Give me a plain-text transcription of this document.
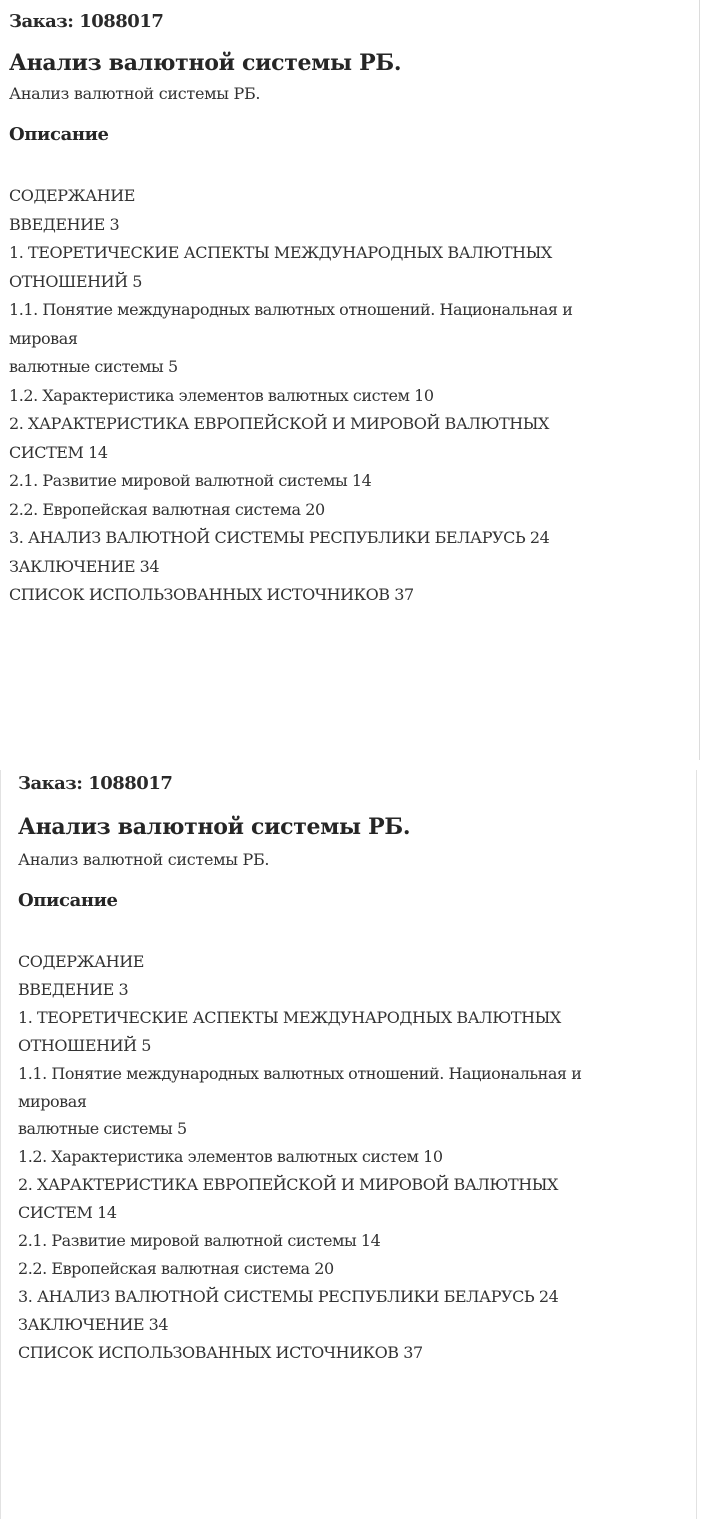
Заказ: 1088017

Анализ валютной системы РБ.

Анализ валютной системы РБ.

Описание
СОДЕРЖАНИЕ
ВВЕДЕНИЕ 3
1. ТЕОРЕТИЧЕСКИЕ АСПЕКТЫ МЕЖДУНАРОДНЫХ ВАЛЮТНЫХ
ОТНОШЕНИЙ 5
1.1. Понятие международных валютных отношений. Национальная и
мировая
валютные системы 5
1.2. Характеристика элементов валютных систем 10
2. ХАРАКТЕРИСТИКА ЕВРОПЕЙСКОЙ И МИРОВОЙ ВАЛЮТНЫХ
СИСТЕМ 14
2.1. Развитие мировой валютной системы 14
2.2. Европейская валютная система 20
3. АНАЛИЗ ВАЛЮТНОЙ СИСТЕМЫ РЕСПУБЛИКИ БЕЛАРУСЬ 24
ЗАКЛЮЧЕНИЕ 34
СПИСОК ИСПОЛЬЗОВАННЫХ ИСТОЧНИКОВ 37

Заказ: 1088017

Анализ валютной системы РБ.

Анализ валютной системы РБ.

Описание
СОДЕРЖАНИЕ
ВВЕДЕНИЕ 3
1. ТЕОРЕТИЧЕСКИЕ АСПЕКТЫ МЕЖДУНАРОДНЫХ ВАЛЮТНЫХ
ОТНОШЕНИЙ 5
1.1. Понятие международных валютных отношений. Национальная и
мировая
валютные системы 5
1.2. Характеристика элементов валютных систем 10
2. ХАРАКТЕРИСТИКА ЕВРОПЕЙСКОЙ И МИРОВОЙ ВАЛЮТНЫХ
СИСТЕМ 14
2.1. Развитие мировой валютной системы 14
2.2. Европейская валютная система 20
3. АНАЛИЗ ВАЛЮТНОЙ СИСТЕМЫ РЕСПУБЛИКИ БЕЛАРУСЬ 24
ЗАКЛЮЧЕНИЕ 34
СПИСОК ИСПОЛЬЗОВАННЫХ ИСТОЧНИКОВ 37
